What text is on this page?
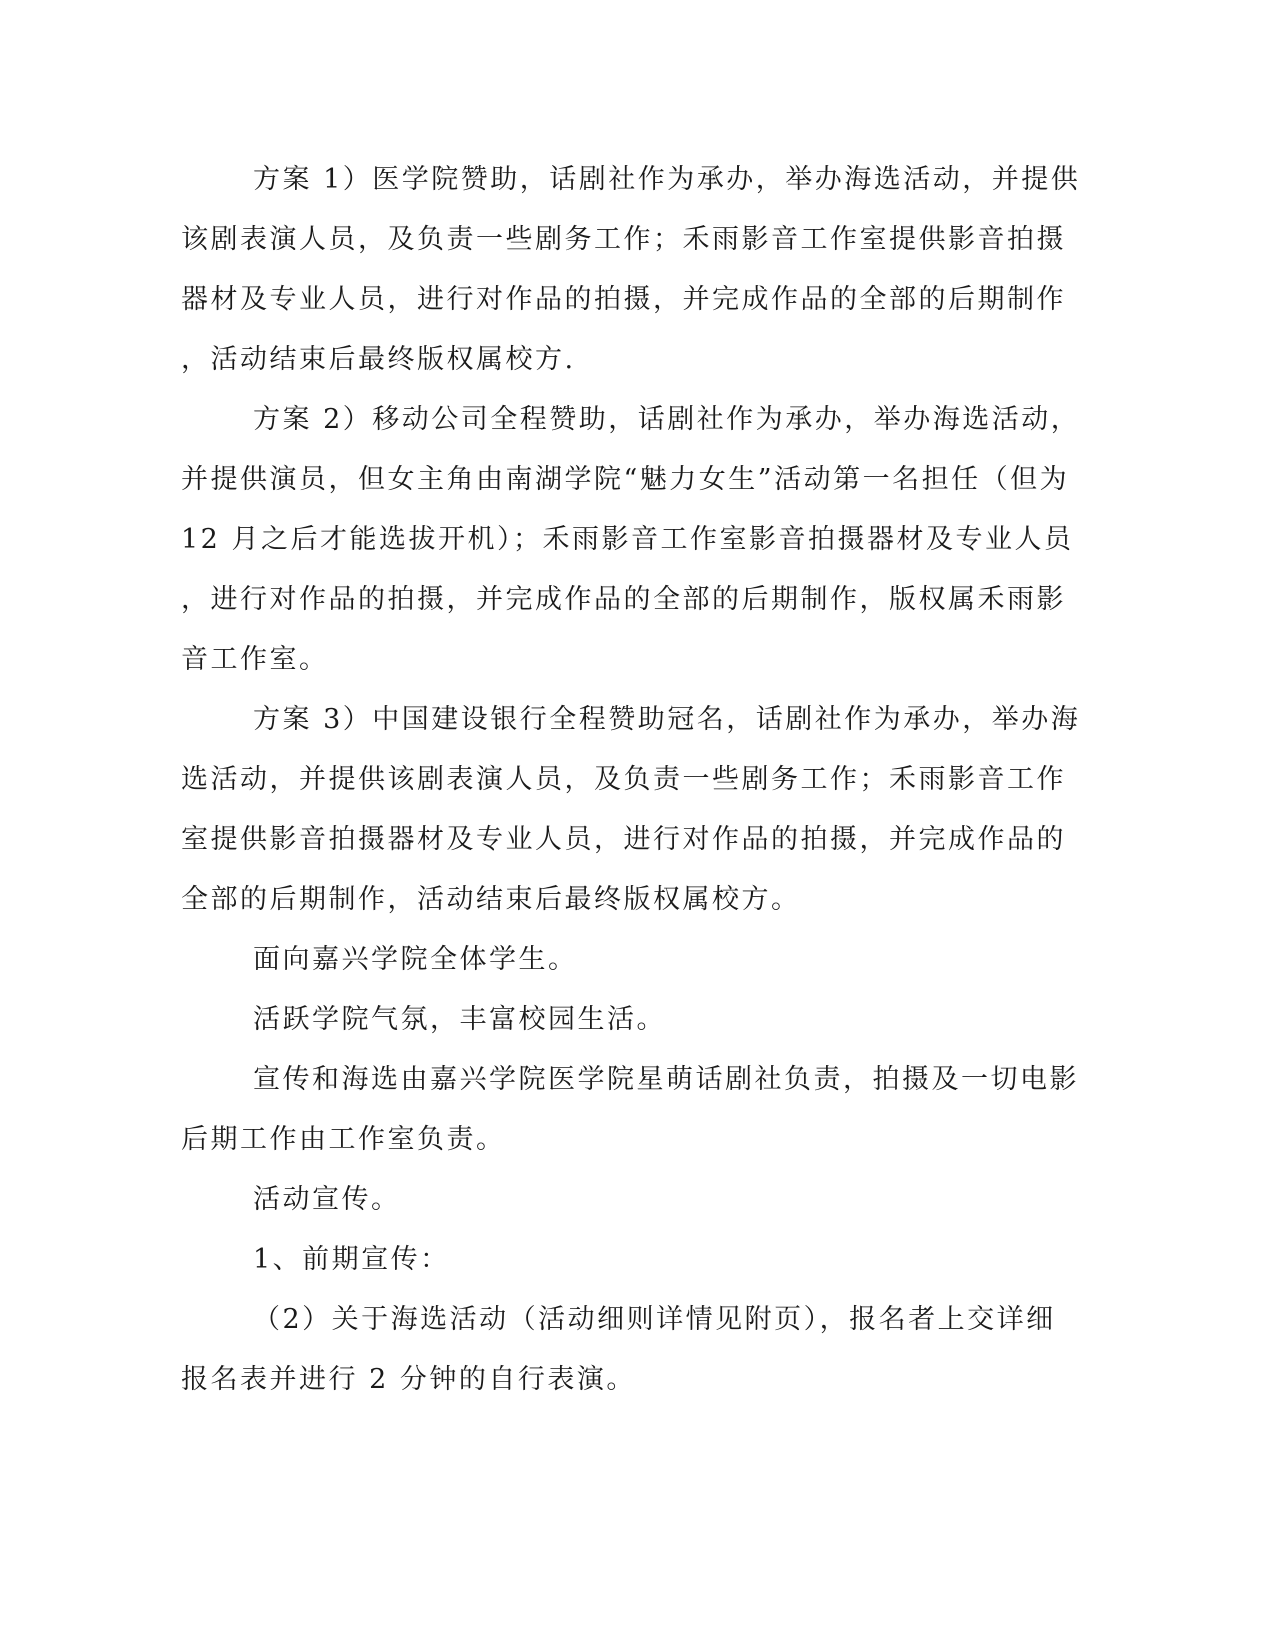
方案 1）医学院赞助，话剧社作为承办，举办海选活动，并提供
该剧表演人员，及负责一些剧务工作；禾雨影音工作室提供影音拍摄
器材及专业人员，进行对作品的拍摄，并完成作品的全部的后期制作
，活动结束后最终版权属校方.
方案 2）移动公司全程赞助，话剧社作为承办，举办海选活动，
并提供演员，但女主角由南湖学院“魅力女生”活动第一名担任（但为
12 月之后才能选拔开机）；禾雨影音工作室影音拍摄器材及专业人员
，进行对作品的拍摄，并完成作品的全部的后期制作，版权属禾雨影
音工作室。
方案 3）中国建设银行全程赞助冠名，话剧社作为承办，举办海
选活动，并提供该剧表演人员，及负责一些剧务工作；禾雨影音工作
室提供影音拍摄器材及专业人员，进行对作品的拍摄，并完成作品的
全部的后期制作，活动结束后最终版权属校方。
面向嘉兴学院全体学生。
活跃学院气氛，丰富校园生活。
宣传和海选由嘉兴学院医学院星萌话剧社负责，拍摄及一切电影
后期工作由工作室负责。
活动宣传。
1、前期宣传：
（2）关于海选活动（活动细则详情见附页），报名者上交详细
报名表并进行 2 分钟的自行表演。
